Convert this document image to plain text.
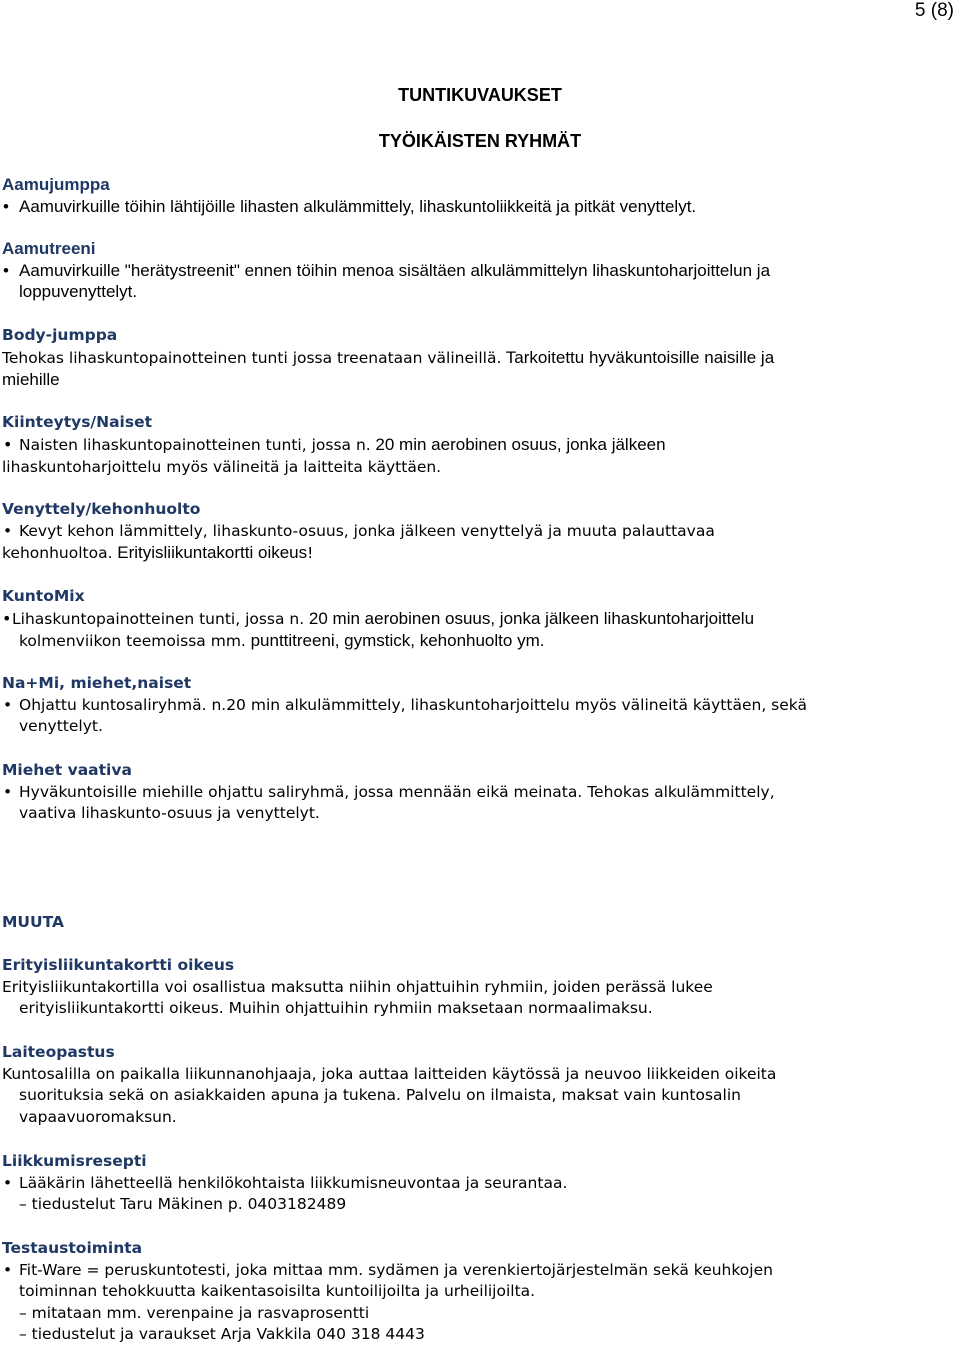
5 (8)
TUNTIKUVAUKSET
TYÖIKÄISTEN RYHMÄT
Aamujumppa
• Aamuvirkuille töihin lähtijöille lihasten alkulämmittely, lihaskuntoliikkeitä ja pitkät venyttelyt.
Aamutreeni
• Aamuvirkuille "herätystreenit" ennen töihin menoa sisältäen alkulämmittelyn lihaskuntoharjoittelun ja
loppuvenyttelyt.
Body-jumppa
Tehokas lihaskuntopainotteinen tunti jossa treenataan välineillä. Tarkoitettu hyväkuntoisille naisille ja
miehille
Kiinteytys/Naiset
• Naisten lihaskuntopainotteinen tunti, jossa n. 20 min aerobinen osuus, jonka jälkeen
lihaskuntoharjoittelu myös välineitä ja laitteita käyttäen.
Venyttely/kehonhuolto
• Kevyt kehon lämmittely, lihaskunto-osuus, jonka jälkeen venyttelyä ja muuta palauttavaa
kehonhuoltoa. Erityisliikuntakortti oikeus!
KuntoMix
• Lihaskuntopainotteinen tunti, jossa n. 20 min aerobinen osuus, jonka jälkeen lihaskuntoharjoittelu
kolmenviikon teemoissa mm. punttitreeni, gymstick, kehonhuolto ym.
Na+Mi, miehet,naiset
• Ohjattu kuntosaliryhmä. n.20 min alkulämmittely, lihaskuntoharjoittelu myös välineitä käyttäen, sekä
venyttelyt.
Miehet vaativa
• Hyväkuntoisille miehille ohjattu saliryhmä, jossa mennään eikä meinata. Tehokas alkulämmittely,
vaativa lihaskunto-osuus ja venyttelyt.
MUUTA
Erityisliikuntakortti oikeus
Erityisliikuntakortilla voi osallistua maksutta niihin ohjattuihin ryhmiin, joiden perässä lukee
erityisliikuntakortti oikeus. Muihin ohjattuihin ryhmiin maksetaan normaalimaksu.
Laiteopastus
Kuntosalilla on paikalla liikunnanohjaaja, joka auttaa laitteiden käytössä ja neuvoo liikkeiden oikeita
suorituksia sekä on asiakkaiden apuna ja tukena. Palvelu on ilmaista, maksat vain kuntosalin
vapaavuoromaksun.
Liikkumisresepti
• Lääkärin lähetteellä henkilökohtaista liikkumisneuvontaa ja seurantaa.
– tiedustelut Taru Mäkinen p. 0403182489
Testaustoiminta
• Fit-Ware = peruskuntotesti, joka mittaa mm. sydämen ja verenkiertojärjestelmän sekä keuhkojen
toiminnan tehokkuutta kaikentasoisilta kuntoilijoilta ja urheilijoilta.
– mitataan mm. verenpaine ja rasvaprosentti
– tiedustelut ja varaukset Arja Vakkila 040 318 4443
